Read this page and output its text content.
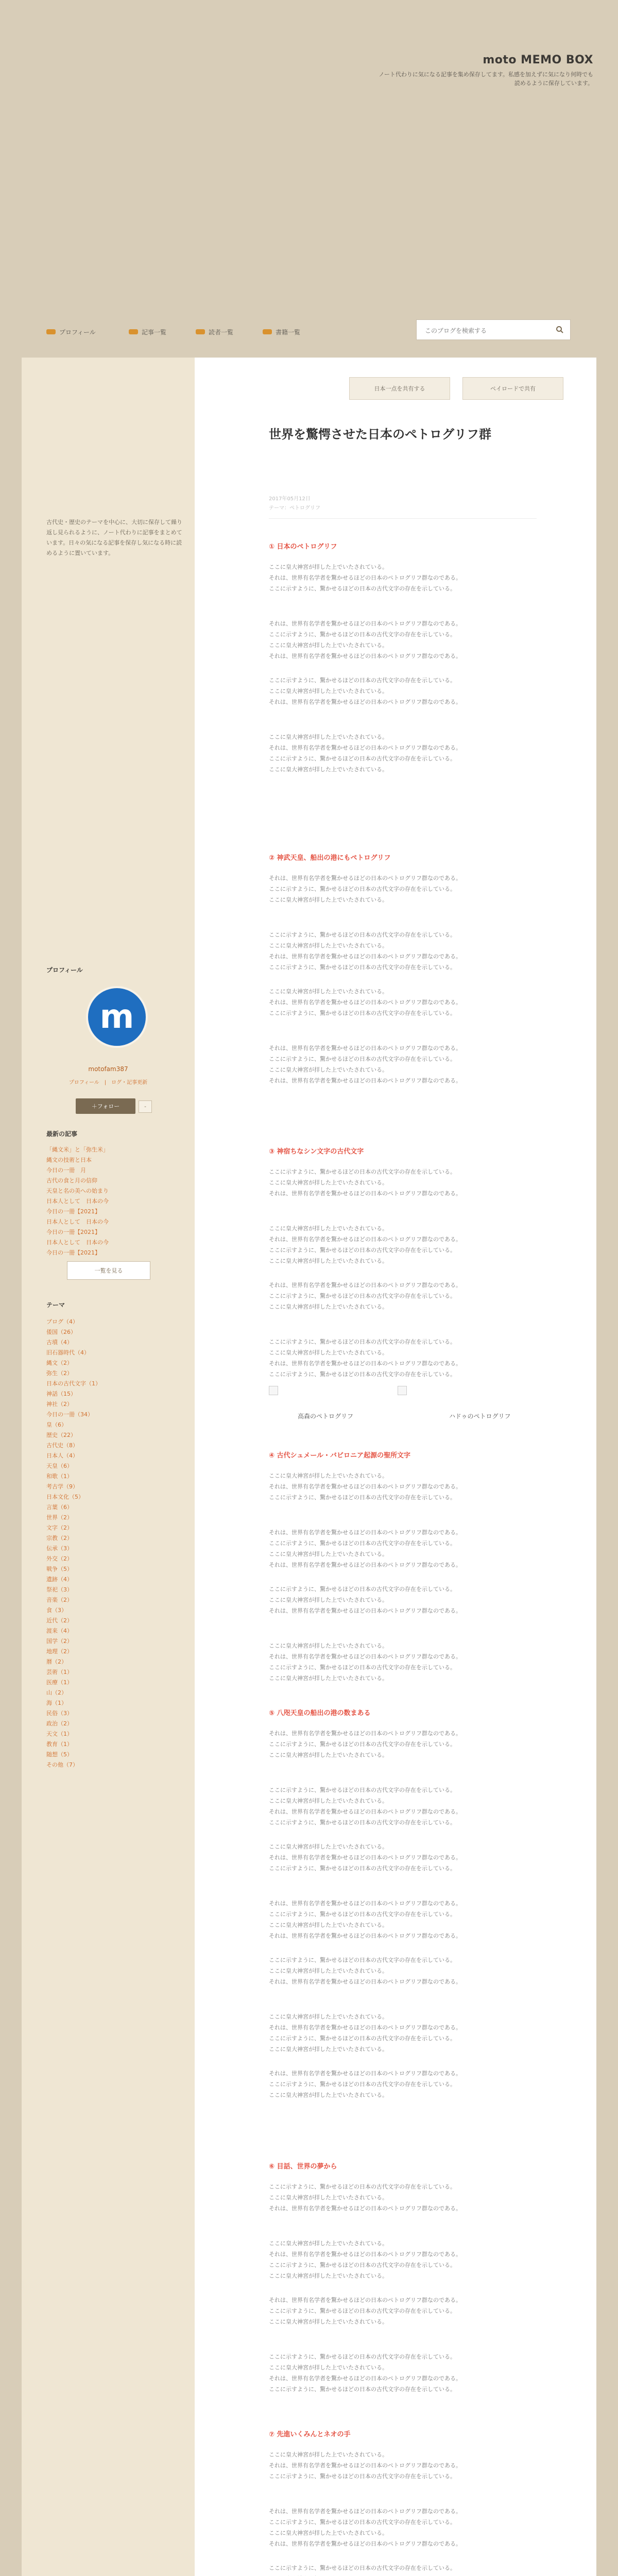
moto MEMO BOX
ノート代わりに気になる記事を集め保存してます。私感を加えずに気になり何時でも読めるように保存しています。
プロフィール	記事一覧	読者一覧	書籍一覧
このブログを検索する
古代史・歴史のテーマを中心に、大切に保存して繰り返し見られるように、ノート代わりに記事をまとめています。日々の気になる記事を保存し気になる時に読めるように置いています。
プロフィール
m
motofam387
プロフィール　|　ログ・記事更新
＋フォロー	-
最新の記事
「縄文米」と「弥生米」
縄文の技術と日本
今日の一冊　月
古代の食と月の信仰
天皇と名の美への始まり
日本人として　日本の今
今日の一冊【2021】
日本人として　日本の今
今日の一冊【2021】
日本人として　日本の今
今日の一冊【2021】
一覧を見る
テーマ
ブログ（4）
倭国（26）
古墳（4）
旧石器時代（4）
縄文（2）
弥生（2）
日本の古代文字（1）
神話（15）
神社（2）
今日の一冊（34）
皇（6）
歴史（22）
古代史（8）
日本人（4）
天皇（6）
和歌（1）
考古学（9）
日本文化（5）
言葉（6）
世界（2）
文字（2）
宗教（2）
伝承（3）
外交（2）
戦争（5）
遺跡（4）
祭祀（3）
音楽（2）
食（3）
近代（2）
渡来（4）
国学（2）
地理（2）
暦（2）
芸術（1）
医療（1）
山（2）
海（1）
民俗（3）
政治（2）
天文（1）
教育（1）
随想（5）
その他（7）
日本一点を共有する	ペイロードで共有
世界を驚愕させた日本のペトログリフ群
2017年05月12日
テーマ：ペトログリフ
① 日本のペトログリフ
ここに皇大神宮が拝した上でいたされている。
それは、世界有名学者を驚かせるほどの日本のペトログリフ群なのである。
ここに示すように、驚かせるほどの日本の古代文字の存在を示している。
それは、世界有名学者を驚かせるほどの日本のペトログリフ群なのである。
ここに示すように、驚かせるほどの日本の古代文字の存在を示している。
ここに皇大神宮が拝した上でいたされている。
それは、世界有名学者を驚かせるほどの日本のペトログリフ群なのである。
ここに示すように、驚かせるほどの日本の古代文字の存在を示している。
ここに皇大神宮が拝した上でいたされている。
それは、世界有名学者を驚かせるほどの日本のペトログリフ群なのである。
ここに皇大神宮が拝した上でいたされている。
それは、世界有名学者を驚かせるほどの日本のペトログリフ群なのである。
ここに示すように、驚かせるほどの日本の古代文字の存在を示している。
ここに皇大神宮が拝した上でいたされている。
② 神武天皇、船出の港にもペトログリフ
それは、世界有名学者を驚かせるほどの日本のペトログリフ群なのである。
ここに示すように、驚かせるほどの日本の古代文字の存在を示している。
ここに皇大神宮が拝した上でいたされている。
ここに示すように、驚かせるほどの日本の古代文字の存在を示している。
ここに皇大神宮が拝した上でいたされている。
それは、世界有名学者を驚かせるほどの日本のペトログリフ群なのである。
ここに示すように、驚かせるほどの日本の古代文字の存在を示している。
ここに皇大神宮が拝した上でいたされている。
それは、世界有名学者を驚かせるほどの日本のペトログリフ群なのである。
ここに示すように、驚かせるほどの日本の古代文字の存在を示している。
それは、世界有名学者を驚かせるほどの日本のペトログリフ群なのである。
ここに示すように、驚かせるほどの日本の古代文字の存在を示している。
ここに皇大神宮が拝した上でいたされている。
それは、世界有名学者を驚かせるほどの日本のペトログリフ群なのである。
③ 神宿ちなシン文字の古代文字
ここに示すように、驚かせるほどの日本の古代文字の存在を示している。
ここに皇大神宮が拝した上でいたされている。
それは、世界有名学者を驚かせるほどの日本のペトログリフ群なのである。
ここに皇大神宮が拝した上でいたされている。
それは、世界有名学者を驚かせるほどの日本のペトログリフ群なのである。
ここに示すように、驚かせるほどの日本の古代文字の存在を示している。
ここに皇大神宮が拝した上でいたされている。
それは、世界有名学者を驚かせるほどの日本のペトログリフ群なのである。
ここに示すように、驚かせるほどの日本の古代文字の存在を示している。
ここに皇大神宮が拝した上でいたされている。
ここに示すように、驚かせるほどの日本の古代文字の存在を示している。
ここに皇大神宮が拝した上でいたされている。
それは、世界有名学者を驚かせるほどの日本のペトログリフ群なのである。
ここに示すように、驚かせるほどの日本の古代文字の存在を示している。
④ 古代シュメール・バビロニア起源の聖所文字
ここに皇大神宮が拝した上でいたされている。
それは、世界有名学者を驚かせるほどの日本のペトログリフ群なのである。
ここに示すように、驚かせるほどの日本の古代文字の存在を示している。
それは、世界有名学者を驚かせるほどの日本のペトログリフ群なのである。
ここに示すように、驚かせるほどの日本の古代文字の存在を示している。
ここに皇大神宮が拝した上でいたされている。
それは、世界有名学者を驚かせるほどの日本のペトログリフ群なのである。
ここに示すように、驚かせるほどの日本の古代文字の存在を示している。
ここに皇大神宮が拝した上でいたされている。
それは、世界有名学者を驚かせるほどの日本のペトログリフ群なのである。
ここに皇大神宮が拝した上でいたされている。
それは、世界有名学者を驚かせるほどの日本のペトログリフ群なのである。
ここに示すように、驚かせるほどの日本の古代文字の存在を示している。
ここに皇大神宮が拝した上でいたされている。
⑤ 八咫天皇の船出の港の数まある
それは、世界有名学者を驚かせるほどの日本のペトログリフ群なのである。
ここに示すように、驚かせるほどの日本の古代文字の存在を示している。
ここに皇大神宮が拝した上でいたされている。
ここに示すように、驚かせるほどの日本の古代文字の存在を示している。
ここに皇大神宮が拝した上でいたされている。
それは、世界有名学者を驚かせるほどの日本のペトログリフ群なのである。
ここに示すように、驚かせるほどの日本の古代文字の存在を示している。
ここに皇大神宮が拝した上でいたされている。
それは、世界有名学者を驚かせるほどの日本のペトログリフ群なのである。
ここに示すように、驚かせるほどの日本の古代文字の存在を示している。
それは、世界有名学者を驚かせるほどの日本のペトログリフ群なのである。
ここに示すように、驚かせるほどの日本の古代文字の存在を示している。
ここに皇大神宮が拝した上でいたされている。
それは、世界有名学者を驚かせるほどの日本のペトログリフ群なのである。
ここに示すように、驚かせるほどの日本の古代文字の存在を示している。
ここに皇大神宮が拝した上でいたされている。
それは、世界有名学者を驚かせるほどの日本のペトログリフ群なのである。
ここに皇大神宮が拝した上でいたされている。
それは、世界有名学者を驚かせるほどの日本のペトログリフ群なのである。
ここに示すように、驚かせるほどの日本の古代文字の存在を示している。
ここに皇大神宮が拝した上でいたされている。
それは、世界有名学者を驚かせるほどの日本のペトログリフ群なのである。
ここに示すように、驚かせるほどの日本の古代文字の存在を示している。
ここに皇大神宮が拝した上でいたされている。
⑥ 目話、世界の夢から
ここに示すように、驚かせるほどの日本の古代文字の存在を示している。
ここに皇大神宮が拝した上でいたされている。
それは、世界有名学者を驚かせるほどの日本のペトログリフ群なのである。
ここに皇大神宮が拝した上でいたされている。
それは、世界有名学者を驚かせるほどの日本のペトログリフ群なのである。
ここに示すように、驚かせるほどの日本の古代文字の存在を示している。
ここに皇大神宮が拝した上でいたされている。
それは、世界有名学者を驚かせるほどの日本のペトログリフ群なのである。
ここに示すように、驚かせるほどの日本の古代文字の存在を示している。
ここに皇大神宮が拝した上でいたされている。
ここに示すように、驚かせるほどの日本の古代文字の存在を示している。
ここに皇大神宮が拝した上でいたされている。
それは、世界有名学者を驚かせるほどの日本のペトログリフ群なのである。
ここに示すように、驚かせるほどの日本の古代文字の存在を示している。
⑦ 先進いくみんとネオの手
ここに皇大神宮が拝した上でいたされている。
それは、世界有名学者を驚かせるほどの日本のペトログリフ群なのである。
ここに示すように、驚かせるほどの日本の古代文字の存在を示している。
それは、世界有名学者を驚かせるほどの日本のペトログリフ群なのである。
ここに示すように、驚かせるほどの日本の古代文字の存在を示している。
ここに皇大神宮が拝した上でいたされている。
それは、世界有名学者を驚かせるほどの日本のペトログリフ群なのである。
ここに示すように、驚かせるほどの日本の古代文字の存在を示している。
高森のペトログリフ	ハドゥのペトログリフ
